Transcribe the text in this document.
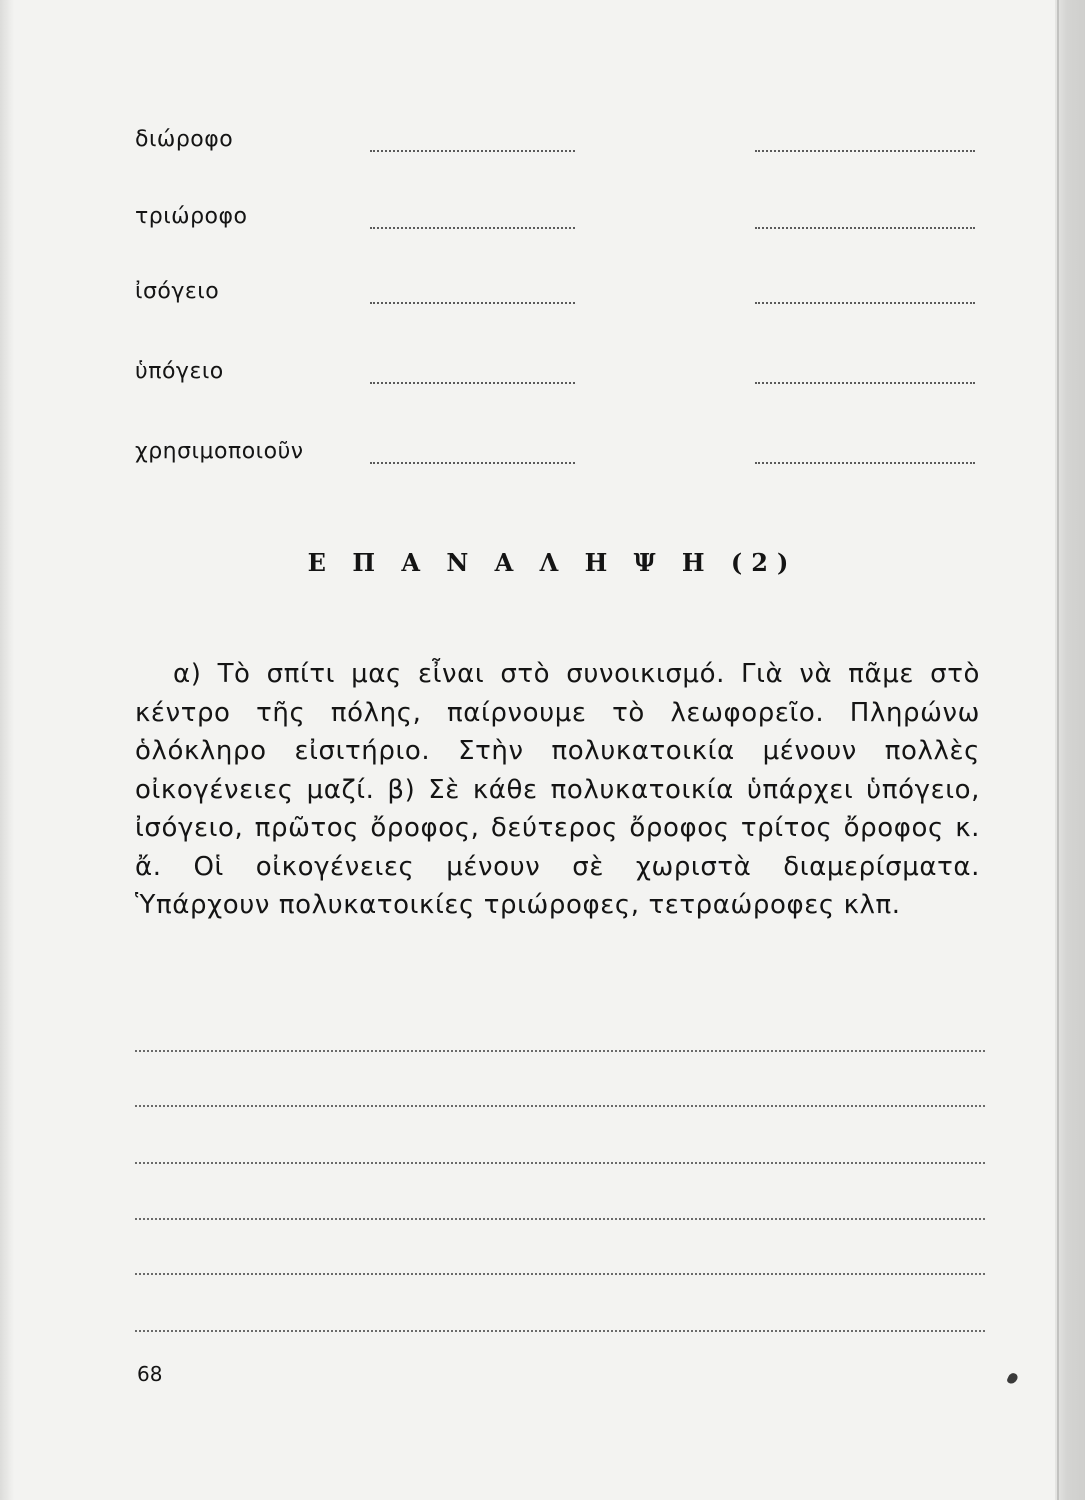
διώροφο
τριώροφο
ἰσόγειο
ὑπόγειο
χρησιμοποιοῦν
Ε Π Α Ν Α Λ Η Ψ Η (2)

α) Τὸ σπίτι μας εἶναι στὸ συνοικισμό. Γιὰ νὰ πᾶμε στὸ κέντρο τῆς πόλης, παίρνουμε τὸ λεωφορεῖο. Πληρώνω ὁλόκληρο εἰσιτήριο. Στὴν πολυκατοικία μένουν πολλὲς οἰκογένειες μαζί. β) Σὲ κάθε πολυκατοικία ὑπάρχει ὑπόγειο, ἰσόγειο, πρῶτος ὄροφος, δεύτερος ὄροφος τρίτος ὄροφος κ. ἄ. Οἱ οἰκογένειες μένουν σὲ χωριστὰ διαμερίσματα. Ὑπάρχουν πολυκατοικίες τριώροφες, τετραώροφες κλπ.

68
